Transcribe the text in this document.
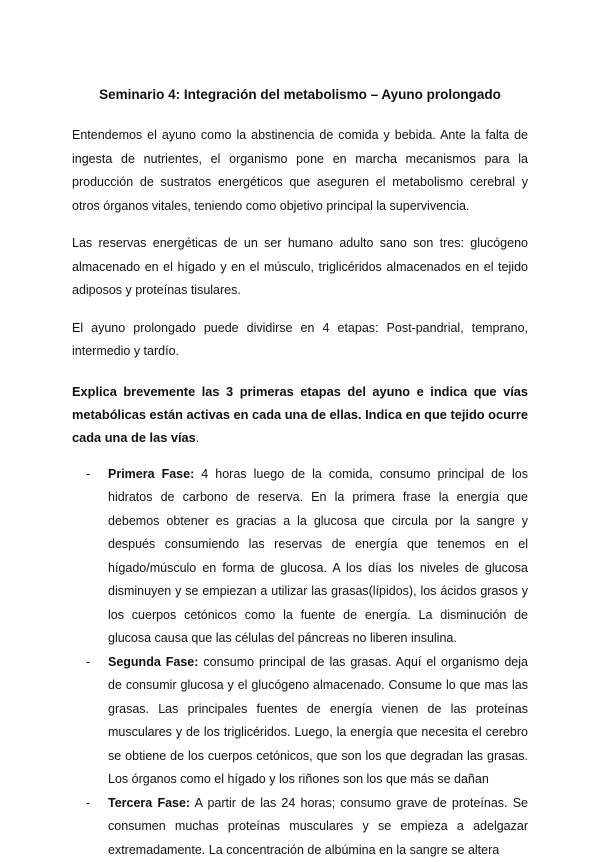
Seminario 4: Integración del metabolismo – Ayuno prolongado

Entendemos el ayuno como la abstinencia de comida y bebida. Ante la falta de ingesta de nutrientes, el organismo pone en marcha mecanismos para la producción de sustratos energéticos que aseguren el metabolismo cerebral y otros órganos vitales, teniendo como objetivo principal la supervivencia.

Las reservas energéticas de un ser humano adulto sano son tres: glucógeno almacenado en el hígado y en el músculo, triglicéridos almacenados en el tejido adiposos y proteínas tisulares.

El ayuno prolongado puede dividirse en 4 etapas: Post-pandrial, temprano, intermedio y tardío.

Explica brevemente las 3 primeras etapas del ayuno e indica que vías metabólicas están activas en cada una de ellas. Indica en que tejido ocurre cada una de las vías.

- Primera Fase: 4 horas luego de la comida, consumo principal de los hidratos de carbono de reserva. En la primera frase la energía que debemos obtener es gracias a la glucosa que circula por la sangre y después consumiendo las reservas de energía que tenemos en el hígado/músculo en forma de glucosa. A los días los niveles de glucosa disminuyen y se empiezan a utilizar las grasas(lípidos), los ácidos grasos y los cuerpos cetónicos como la fuente de energía. La disminución de glucosa causa que las células del páncreas no liberen insulina.
- Segunda Fase: consumo principal de las grasas. Aquí el organismo deja de consumir glucosa y el glucógeno almacenado. Consume lo que mas las grasas. Las principales fuentes de energía vienen de las proteínas musculares y de los triglicéridos. Luego, la energía que necesita el cerebro se obtiene de los cuerpos cetónicos, que son los que degradan las grasas. Los órganos como el hígado y los riñones son los que más se dañan
- Tercera Fase: A partir de las 24 horas; consumo grave de proteínas. Se consumen muchas proteínas musculares y se empieza a adelgazar extremadamente. La concentración de albúmina en la sangre se altera
